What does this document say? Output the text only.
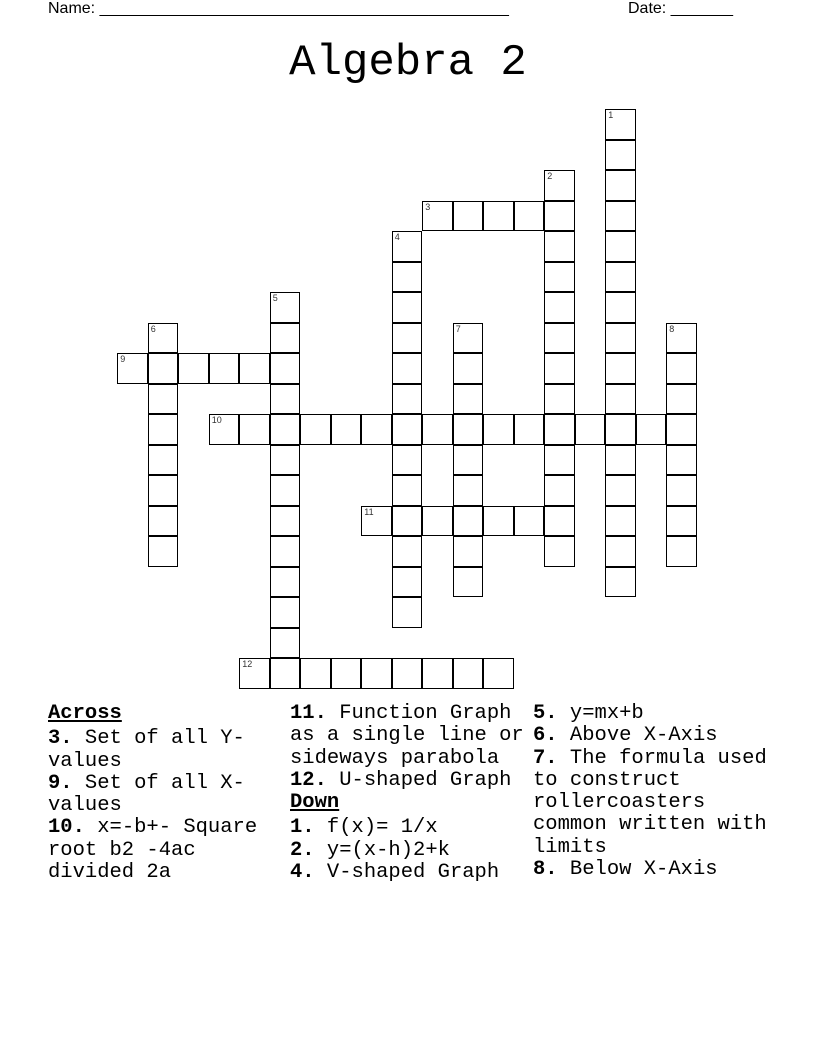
Name: ______________________________________________	Date: _______
Algebra 2
1
2
3
4
5
6	7	8
9
10
11
12
Across

3. Set of all Y-values

9. Set of all X-values

10. x=-b+- Square root b2 -4ac divided 2a

11. Function Graph as a single line or sideways parabola

12. U-shaped Graph

Down

1. f(x)= 1/x

2. y=(x-h)2+k

4. V-shaped Graph

5. y=mx+b

6. Above X-Axis

7. The formula used to construct rollercoasters common written with limits

8. Below X-Axis
